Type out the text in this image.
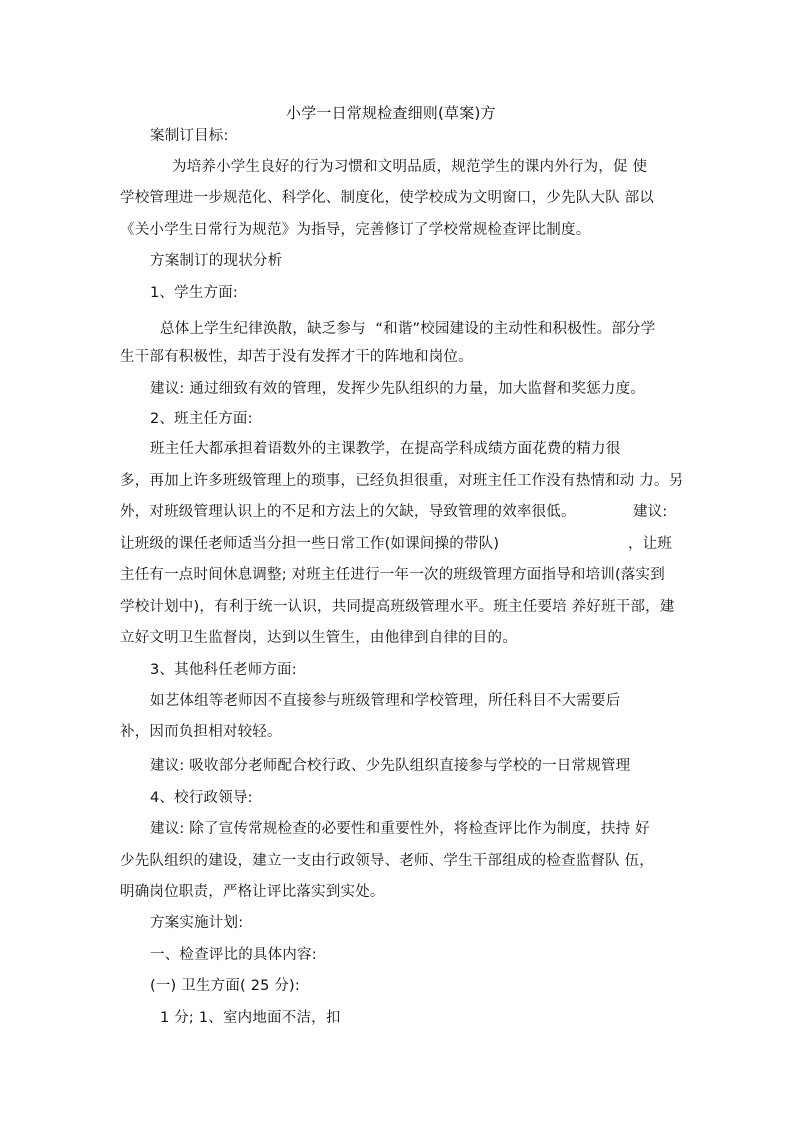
小学一日常规检查细则(草案)方
案制订目标:
为培养小学生良好的行为习惯和文明品质，规范学生的课内外行为，促 使
学校管理进一步规范化、科学化、制度化，使学校成为文明窗口，少先队大队 部以
《关小学生日常行为规范》为指导，完善修订了学校常规检查评比制度。
方案制订的现状分析
1、学生方面:
总体上学生纪律涣散，缺乏参与  “和谐”校园建设的主动性和积极性。部分学
生干部有积极性，却苦于没有发挥才干的阵地和岗位。
建议: 通过细致有效的管理，发挥少先队组织的力量，加大监督和奖惩力度。
2、班主任方面:
班主任大都承担着语数外的主课教学，在提高学科成绩方面花费的精力很
多，再加上许多班级管理上的琐事，已经负担很重，对班主任工作没有热情和动 力。另
外，对班级管理认识上的不足和方法上的欠缺，导致管理的效率很低。	建议:
让班级的课任老师适当分担一些日常工作(如课间操的带队)	，让班
主任有一点时间休息调整; 对班主任进行一年一次的班级管理方面指导和培训(落实到
学校计划中)，有利于统一认识，共同提高班级管理水平。班主任要培 养好班干部，建
立好文明卫生监督岗，达到以生管生，由他律到自律的目的。
3、其他科任老师方面:
如艺体组等老师因不直接参与班级管理和学校管理，所任科目不大需要后
补，因而负担相对较轻。
建议: 吸收部分老师配合校行政、少先队组织直接参与学校的一日常规管理
4、校行政领导:
建议: 除了宣传常规检查的必要性和重要性外，将检查评比作为制度，扶持 好
少先队组织的建设，建立一支由行政领导、老师、学生干部组成的检查监督队 伍，
明确岗位职责，严格让评比落实到实处。
方案实施计划:
一、检查评比的具体内容:
(一) 卫生方面( 25 分):
1 分; 1、室内地面不洁，扣
